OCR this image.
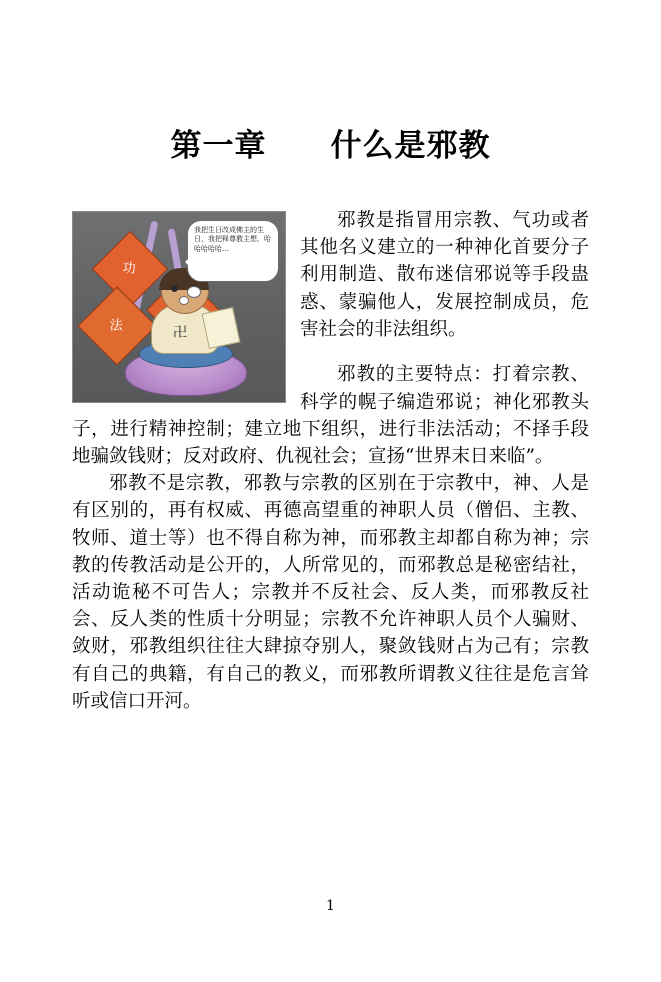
第一章　　什么是邪教
功
法	卍
我把生日改成佛主的生日，我把释尊教主想，哈哈哈哈哈…

邪教是指冒用宗教、气功或者其他名义建立的一种神化首要分子利用制造、散布迷信邪说等手段蛊惑、蒙骗他人，发展控制成员，危害社会的非法组织。

邪教的主要特点：打着宗教、科学的幌子编造邪说；神化邪教头子，进行精神控制；建立地下组织，进行非法活动；不择手段地骗敛钱财；反对政府、仇视社会；宣扬“世界末日来临”。

邪教不是宗教，邪教与宗教的区别在于宗教中，神、人是有区别的，再有权威、再德高望重的神职人员（僧侣、主教、牧师、道士等）也不得自称为神，而邪教主却都自称为神；宗教的传教活动是公开的，人所常见的，而邪教总是秘密结社，活动诡秘不可告人；宗教并不反社会、反人类，而邪教反社会、反人类的性质十分明显；宗教不允许神职人员个人骗财、敛财，邪教组织往往大肆掠夺别人，聚敛钱财占为己有；宗教有自己的典籍，有自己的教义，而邪教所谓教义往往是危言耸听或信口开河。

1
